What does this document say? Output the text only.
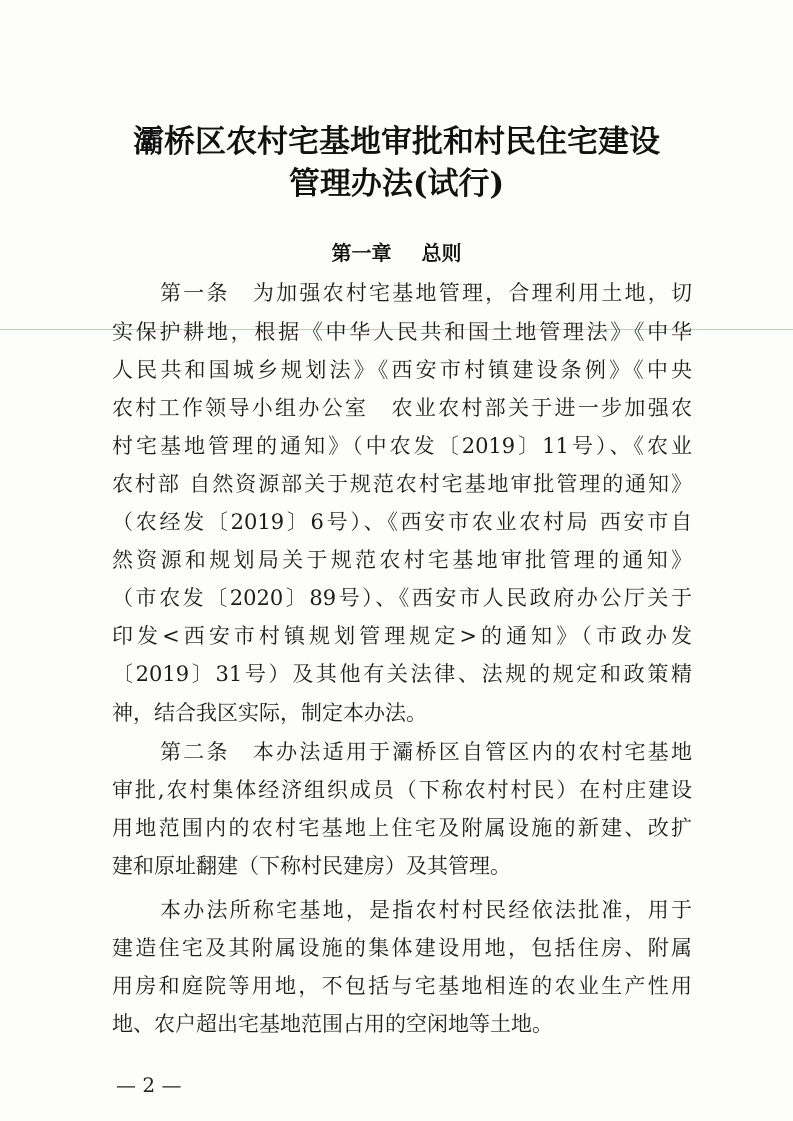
灞桥区农村宅基地审批和村民住宅建设
管理办法(试行)
第一章 总则
第一条　为加强农村宅基地管理，合理利用土地，切
实保护耕地，根据《中华人民共和国土地管理法》《中华
人民共和国城乡规划法》《西安市村镇建设条例》《中央
农村工作领导小组办公室　农业农村部关于进一步加强农
村宅基地管理的通知》（中农发〔2019〕11号）、《农业
农村部 自然资源部关于规范农村宅基地审批管理的通知》
（农经发〔2019〕6号）、《西安市农业农村局 西安市自
然资源和规划局关于规范农村宅基地审批管理的通知》
（市农发〔2020〕89号）、《西安市人民政府办公厅关于
印发<西安市村镇规划管理规定>的通知》（市政办发
〔2019〕31号）及其他有关法律、法规的规定和政策精
神，结合我区实际，制定本办法。
第二条　本办法适用于灞桥区自管区内的农村宅基地
审批,农村集体经济组织成员（下称农村村民）在村庄建设
用地范围内的农村宅基地上住宅及附属设施的新建、改扩
建和原址翻建（下称村民建房）及其管理。
本办法所称宅基地，是指农村村民经依法批准，用于
建造住宅及其附属设施的集体建设用地，包括住房、附属
用房和庭院等用地，不包括与宅基地相连的农业生产性用
地、农户超出宅基地范围占用的空闲地等土地。
— 2 —
